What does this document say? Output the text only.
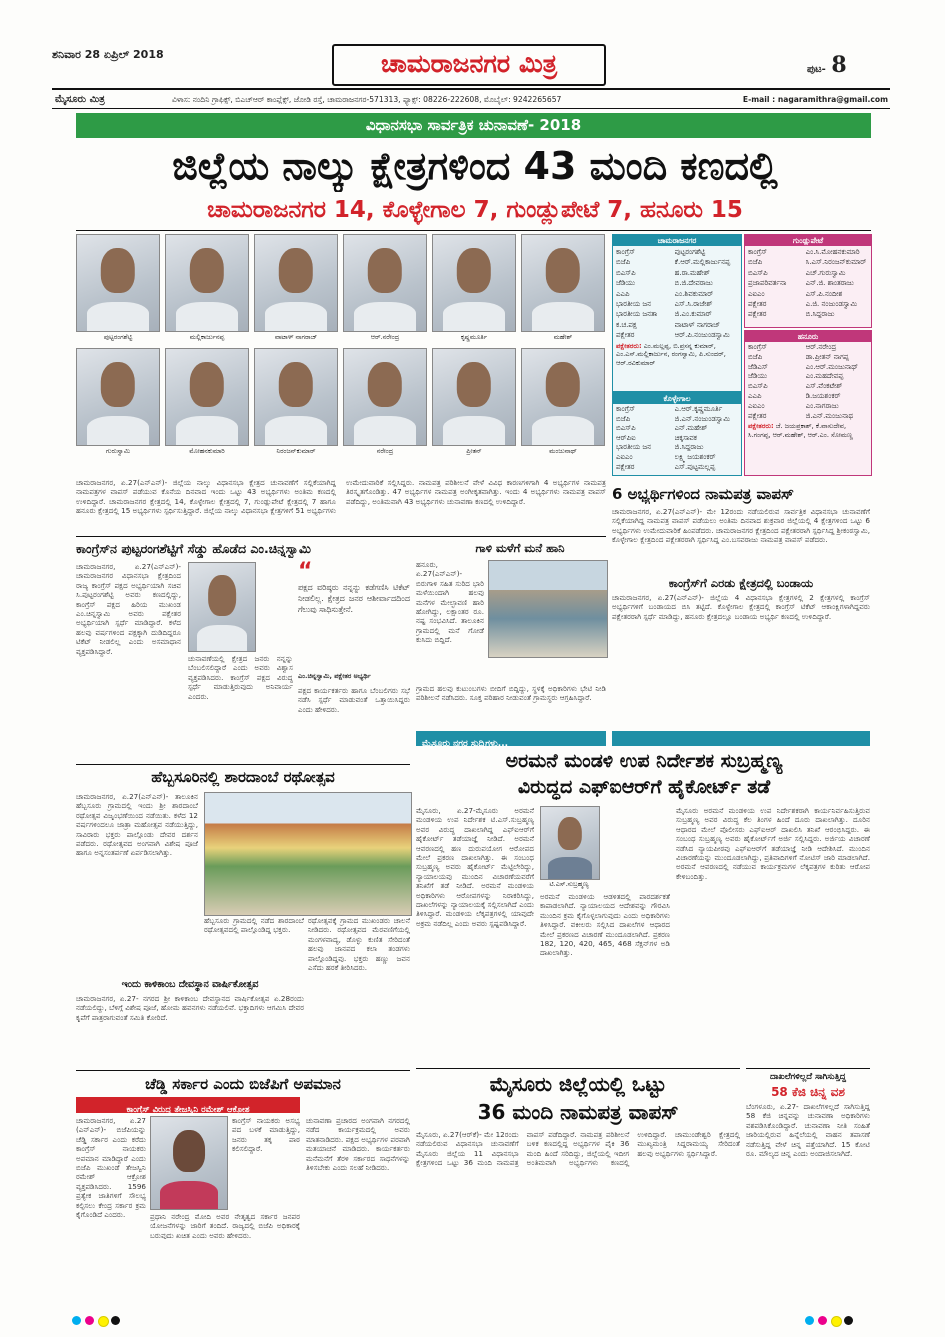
ಶನಿವಾರ 28 ಏಪ್ರಿಲ್ 2018	ಚಾಮರಾಜನಗರ ಮಿತ್ರ	ಪುಟ- 8
ಮೈಸೂರು ಮಿತ್ರ	ವಿಳಾಸ: ನಂದಿನಿ ಗ್ರಾಫಿಕ್ಸ್, ಬಿಎಚ್‌ಆರ್ ಕಾಂಪ್ಲೆಕ್ಸ್, ಜೋಡಿ ರಸ್ತೆ, ಚಾಮರಾಜನಗರ-571313, ಫ್ಯಾಕ್ಸ್: 08226-222608, ಮೊಬೈಲ್: 9242265657	E-mail : nagaramithra@gmail.com
ವಿಧಾನಸಭಾ ಸಾರ್ವತ್ರಿಕ ಚುನಾವಣೆ- 2018
ಜಿಲ್ಲೆಯ ನಾಲ್ಕು ಕ್ಷೇತ್ರಗಳಿಂದ 43 ಮಂದಿ ಕಣದಲ್ಲಿ
ಚಾಮರಾಜನಗರ 14, ಕೊಳ್ಳೇಗಾಲ 7, ಗುಂಡ್ಲುಪೇಟೆ 7, ಹನೂರು 15
ಪುಟ್ಟರಂಗಶೆಟ್ಟಿ	ಮಲ್ಲಿಕಾರ್ಜುನಪ್ಪ	ವಾಟಾಳ್ ನಾಗರಾಜ್	ಆರ್.ನರೇಂದ್ರ	ಕೃಷ್ಣಮೂರ್ತಿ	ಮಹೇಶ್
ಗುರುಸ್ವಾಮಿ	ಮೋಹನಕುಮಾರಿ	ನಿರಂಜನ್‌ಕುಮಾರ್	ನರೇಂದ್ರ	ಪ್ರೀತನ್	ಮಂಜುನಾಥ್
ಚಾಮರಾಜನಗರ
ಕಾಂಗ್ರೆಸ್	ಪುಟ್ಟರಂಗಶೆಟ್ಟಿ
ಬಿಜೆಪಿ	ಕೆ.ಆರ್.ಮಲ್ಲಿಕಾರ್ಜುನಪ್ಪ
ಬಿಎಸ್‌ಪಿ	ಹ.ರಾ.ಮಹೇಶ್
ಜೆಡಿಯು	ಬಿ.ಜಿ.ದೇವರಾಜು
ಎಎಪಿ	ಎಂ.ಶಿವಕುಮಾರ್
ಭಾರತೀಯ ಜನ	ಎಸ್.ಸಿ.ರಾಜೇಶ್
ಭಾರತೀಯ ಜನತಾ	ಜಿ.ಎಂ.ಕುಮಾರ್
ಕ.ಚ.ಪಕ್ಷ	ವಾಟಾಳ್ ನಾಗರಾಜ್
ಪಕ್ಷೇತರ	ಆರ್.ಪಿ.ನಂಜುಂಡಸ್ವಾಮಿ
ಪಕ್ಷೇತರರು: ಎಂ.ಮಲ್ಲಪ್ಪ, ಬಿ.ಪ್ರಸನ್ನ ಕುಮಾರ್, ಎಂ.ಎಸ್.ಮಲ್ಲಿಕಾರ್ಜುನ, ರಂಗಸ್ವಾಮಿ, ಪಿ.ಸುಂದರ್, ಆರ್.ರವಿಕುಮಾರ್
ಕೊಳ್ಳೇಗಾಲ
ಕಾಂಗ್ರೆಸ್	ಎ.ಆರ್.ಕೃಷ್ಣಮೂರ್ತಿ
ಬಿಜೆಪಿ	ಜಿ.ಎನ್.ನಂಜುಂಡಸ್ವಾಮಿ
ಬಿಎಸ್‌ಪಿ	ಎನ್.ಮಹೇಶ್
ಆರ್‌ಪಿಐ	ಚಿಕ್ಕಸಾವಕ
ಭಾರತೀಯ ಜನ	ಜಿ.ಸಿದ್ದರಾಜು
ಎಐಎಂ	ಲಕ್ಷ್ಮಿ ಜಯಶಂಕರ್
ಪಕ್ಷೇತರ	ಎಸ್.ಪುಟ್ಟಮಲ್ಲಪ್ಪ
ಗುಂಡ್ಲುಪೇಟೆ
ಕಾಂಗ್ರೆಸ್	ಎಂ.ಸಿ.ಮೋಹನಕುಮಾರಿ
ಬಿಜೆಪಿ	ಸಿ.ಎಸ್.ನಿರಂಜನ್‌ಕುಮಾರ್
ಬಿಎಸ್‌ಪಿ	ಎಚ್.ಗುರುಸ್ವಾಮಿ
ಪ್ರಜಾಪರಿವರ್ತನಾ	ಎನ್.ಜಿ. ಶಾಂತರಾಜು
ಎಐಎಂ	ಎಸ್.ಪಿ.ನಂದೀಶ
ಪಕ್ಷೇತರ	ಎ.ಜಿ. ನಂಜುಂಡಸ್ವಾಮಿ
ಪಕ್ಷೇತರ	ಬಿ.ಸಿದ್ದರಾಜು
ಹನೂರು
ಕಾಂಗ್ರೆಸ್	ಆರ್.ನರೇಂದ್ರ
ಬಿಜೆಪಿ	ಡಾ.ಪ್ರೀತನ್ ನಾಗಪ್ಪ
ಜೆಡಿಎಸ್	ಎಂ.ಆರ್.ಮಂಜುನಾಥ್
ಜೆಡಿಯು	ಎಂ.ಮಹದೇವಪ್ಪ
ಬಿಎಸ್‌ಪಿ	ಎಸ್.ವೆಂಕಟೇಶ್
ಎಎಪಿ	ಡಿ.ಜಯಶಂಕರ್
ಎಐಎಂ	ಎಂ.ನಾಗರಾಜು
ಪಕ್ಷೇತರ	ಜಿ.ಎನ್.ಮಂಜುನಾಥ
ಪಕ್ಷೇತರರು: ಜೆ. ಜಯಪ್ರಕಾಶ್, ಕೆ.ವಾಸುದೇವ, ಸಿ.ಗಂಗಪ್ಪ, ಆರ್.ಮಹೇಶ್, ಆರ್.ಎಂ. ಸೋಮಣ್ಣ
ಚಾಮರಾಜನಗರ, ಏ.27(ಎನ್‌ಎನ್)- ಜಿಲ್ಲೆಯ ನಾಲ್ಕು ವಿಧಾನಸಭಾ ಕ್ಷೇತ್ರದ ಚುನಾವಣೆಗೆ ಸಲ್ಲಿಕೆಯಾಗಿದ್ದ ನಾಮಪತ್ರಗಳ ವಾಪಸ್ ಪಡೆಯುವ ಕೊನೆಯ ದಿನವಾದ ಇಂದು ಒಟ್ಟು 43 ಅಭ್ಯರ್ಥಿಗಳು ಅಂತಿಮ ಕಣದಲ್ಲಿ ಉಳಿದಿದ್ದಾರೆ. ಚಾಮರಾಜನಗರ ಕ್ಷೇತ್ರದಲ್ಲಿ 14, ಕೊಳ್ಳೇಗಾಲ ಕ್ಷೇತ್ರದಲ್ಲಿ 7, ಗುಂಡ್ಲುಪೇಟೆ ಕ್ಷೇತ್ರದಲ್ಲಿ 7 ಹಾಗೂ ಹನೂರು ಕ್ಷೇತ್ರದಲ್ಲಿ 15 ಅಭ್ಯರ್ಥಿಗಳು ಸ್ಪರ್ಧಿಸುತ್ತಿದ್ದಾರೆ. ಜಿಲ್ಲೆಯ ನಾಲ್ಕು ವಿಧಾನಸಭಾ ಕ್ಷೇತ್ರಗಳಿಗೆ 51 ಅಭ್ಯರ್ಥಿಗಳು ಉಮೇದುವಾರಿಕೆ ಸಲ್ಲಿಸಿದ್ದರು. ನಾಮಪತ್ರ ಪರಿಶೀಲನೆ ವೇಳೆ ವಿವಿಧ ಕಾರಣಗಳಿಗಾಗಿ 4 ಅಭ್ಯರ್ಥಿಗಳ ನಾಮಪತ್ರ ತಿರಸ್ಕೃತಗೊಂಡಿತ್ತು. 47 ಅಭ್ಯರ್ಥಿಗಳ ನಾಮಪತ್ರ ಅಂಗೀಕೃತವಾಗಿತ್ತು. ಇಂದು 4 ಅಭ್ಯರ್ಥಿಗಳು ನಾಮಪತ್ರ ವಾಪಸ್ ಪಡೆದಿದ್ದು, ಅಂತಿಮವಾಗಿ 43 ಅಭ್ಯರ್ಥಿಗಳು ಚುನಾವಣಾ ಕಣದಲ್ಲಿ ಉಳಿದಿದ್ದಾರೆ.	6 ಅಭ್ಯರ್ಥಿಗಳಿಂದ ನಾಮಪತ್ರ ವಾಪಸ್
ಚಾಮರಾಜನಗರ, ಏ.27(ಎನ್‌ಎನ್)- ಮೇ 12ರಂದು ನಡೆಯಲಿರುವ ಸಾರ್ವತ್ರಿಕ ವಿಧಾನಸಭಾ ಚುನಾವಣೆಗೆ ಸಲ್ಲಿಕೆಯಾಗಿದ್ದ ನಾಮಪತ್ರ ವಾಪಸ್ ಪಡೆಯಲು ಅಂತಿಮ ದಿನವಾದ ಶುಕ್ರವಾರ ಜಿಲ್ಲೆಯಲ್ಲಿ 4 ಕ್ಷೇತ್ರಗಳಿಂದ ಒಟ್ಟು 6 ಅಭ್ಯರ್ಥಿಗಳು ಉಮೇದುವಾರಿಕೆ ಹಿಂಪಡೆದರು. ಚಾಮರಾಜನಗರ ಕ್ಷೇತ್ರದಿಂದ ಪಕ್ಷೇತರರಾಗಿ ಸ್ಪರ್ಧಿಸಿದ್ದ ಶ್ರೀಕಂಠಸ್ವಾಮಿ, ಕೊಳ್ಳೇಗಾಲ ಕ್ಷೇತ್ರದಿಂದ ಪಕ್ಷೇತರರಾಗಿ ಸ್ಪರ್ಧಿಸಿದ್ದ ಎಂ.ಬಸವರಾಜು ನಾಮಪತ್ರ ವಾಪಸ್ ಪಡೆದರು.
ಕಾಂಗ್ರೆಸ್‌ಗೆ ಎರಡು ಕ್ಷೇತ್ರದಲ್ಲಿ ಬಂಡಾಯ
ಚಾಮರಾಜನಗರ, ಏ.27(ಎನ್‌ಎನ್)- ಜಿಲ್ಲೆಯ 4 ವಿಧಾನಸಭಾ ಕ್ಷೇತ್ರಗಳಲ್ಲಿ 2 ಕ್ಷೇತ್ರಗಳಲ್ಲಿ ಕಾಂಗ್ರೆಸ್ ಅಭ್ಯರ್ಥಿಗಳಿಗೆ ಬಂಡಾಯದ ಬಿಸಿ ತಟ್ಟಿದೆ. ಕೊಳ್ಳೇಗಾಲ ಕ್ಷೇತ್ರದಲ್ಲಿ ಕಾಂಗ್ರೆಸ್ ಟಿಕೆಟ್ ಆಕಾಂಕ್ಷಿಗಳಾಗಿದ್ದವರು ಪಕ್ಷೇತರರಾಗಿ ಸ್ಪರ್ಧೆ ಮಾಡಿದ್ದು, ಹನೂರು ಕ್ಷೇತ್ರದಲ್ಲೂ ಬಂಡಾಯ ಅಭ್ಯರ್ಥಿ ಕಣದಲ್ಲಿ ಉಳಿದಿದ್ದಾರೆ.
ಕಾಂಗ್ರೆಸ್‌ನ ಪುಟ್ಟರಂಗಶೆಟ್ಟಿಗೆ ಸೆಡ್ಡು ಹೊಡೆದ ಎಂ.ಚಿನ್ನಸ್ವಾಮಿ
ಚಾಮರಾಜನಗರ, ಏ.27(ಎನ್‌ಎನ್)- ಚಾಮರಾಜನಗರ ವಿಧಾನಸಭಾ ಕ್ಷೇತ್ರದಿಂದ ರಾಜ್ಯ ಕಾಂಗ್ರೆಸ್ ಪಕ್ಷದ ಅಭ್ಯರ್ಥಿಯಾಗಿ ಸಚಿವ ಸಿ.ಪುಟ್ಟರಂಗಶೆಟ್ಟಿ ಅವರು ಕಣದಲ್ಲಿದ್ದು, ಕಾಂಗ್ರೆಸ್ ಪಕ್ಷದ ಹಿರಿಯ ಮುಖಂಡ ಎಂ.ಚಿನ್ನಸ್ವಾಮಿ ಅವರು ಪಕ್ಷೇತರ ಅಭ್ಯರ್ಥಿಯಾಗಿ ಸ್ಪರ್ಧೆ ಮಾಡಿದ್ದಾರೆ. ಕಳೆದ ಹಲವು ವರ್ಷಗಳಿಂದ ಪಕ್ಷಕ್ಕಾಗಿ ದುಡಿದಿದ್ದರೂ ಟಿಕೆಟ್ ನೀಡಲಿಲ್ಲ ಎಂದು ಅಸಮಾಧಾನ ವ್ಯಕ್ತಪಡಿಸಿದ್ದಾರೆ.
ಚುನಾವಣೆಯಲ್ಲಿ ಕ್ಷೇತ್ರದ ಜನರು ನನ್ನನ್ನು ಬೆಂಬಲಿಸಲಿದ್ದಾರೆ ಎಂದು ಅವರು ವಿಶ್ವಾಸ ವ್ಯಕ್ತಪಡಿಸಿದರು. ಕಾಂಗ್ರೆಸ್ ಪಕ್ಷದ ವಿರುದ್ಧ ಸ್ಪರ್ಧೆ ಮಾಡುತ್ತಿರುವುದು ಅನಿವಾರ್ಯ ಎಂದರು.
“
ಪಕ್ಷದ ವರಿಷ್ಠರು ನನ್ನನ್ನು ಕಡೆಗಣಿಸಿ ಟಿಕೆಟ್ ನೀಡಲಿಲ್ಲ. ಕ್ಷೇತ್ರದ ಜನರ ಆಶೀರ್ವಾದದಿಂದ ಗೆಲುವು ಸಾಧಿಸುತ್ತೇನೆ.
ಎಂ.ಚಿನ್ನಸ್ವಾಮಿ, ಪಕ್ಷೇತರ ಅಭ್ಯರ್ಥಿ
ಪಕ್ಷದ ಕಾರ್ಯಕರ್ತರು ಹಾಗೂ ಬೆಂಬಲಿಗರು ಸಭೆ ನಡೆಸಿ ಸ್ಪರ್ಧೆ ಮಾಡುವಂತೆ ಒತ್ತಾಯಿಸಿದ್ದರು ಎಂದು ಹೇಳಿದರು.
ಗಾಳಿ ಮಳೆಗೆ ಮನೆ ಹಾನಿ
ಹನೂರು, ಏ.27(ಎನ್‌ಎನ್)- ಬಿರುಗಾಳಿ ಸಹಿತ ಸುರಿದ ಭಾರಿ ಮಳೆಯಿಂದಾಗಿ ಹಲವು ಮನೆಗಳ ಮೇಲ್ಛಾವಣಿ ಹಾರಿ ಹೋಗಿದ್ದು, ಲಕ್ಷಾಂತರ ರೂ. ನಷ್ಟ ಸಂಭವಿಸಿದೆ. ತಾಲೂಕಿನ ಗ್ರಾಮದಲ್ಲಿ ಮನೆ ಗೋಡೆ ಕುಸಿದು ಬಿದ್ದಿದೆ.
ಗ್ರಾಮದ ಹಲವು ಕುಟುಂಬಗಳು ಬೀದಿಗೆ ಬಿದ್ದಿದ್ದು, ಸ್ಥಳಕ್ಕೆ ಅಧಿಕಾರಿಗಳು ಭೇಟಿ ನೀಡಿ ಪರಿಶೀಲನೆ ನಡೆಸಿದರು. ಸೂಕ್ತ ಪರಿಹಾರ ನೀಡುವಂತೆ ಗ್ರಾಮಸ್ಥರು ಆಗ್ರಹಿಸಿದ್ದಾರೆ.
ಮೈಸೂರು ನಗರ ಸುದ್ದಿಗಳು...
ಅರಮನೆ ಮಂಡಳಿ ಉಪ ನಿರ್ದೇಶಕ ಸುಬ್ರಹ್ಮಣ್ಯ
ವಿರುದ್ಧದ ಎಫ್‌ಐಆರ್‌ಗೆ ಹೈಕೋರ್ಟ್ ತಡೆ
ಮೈಸೂರು, ಏ.27-ಮೈಸೂರು ಅರಮನೆ ಮಂಡಳಿಯ ಉಪ ನಿರ್ದೇಶಕ ಟಿ.ಎಸ್.ಸುಬ್ರಹ್ಮಣ್ಯ ಅವರ ವಿರುದ್ಧ ದಾಖಲಾಗಿದ್ದ ಎಫ್‌ಐಆರ್‌ಗೆ ಹೈಕೋರ್ಟ್ ತಡೆಯಾಜ್ಞೆ ನೀಡಿದೆ. ಅರಮನೆ ಆವರಣದಲ್ಲಿ ಹಣ ದುರುಪಯೋಗ ಆರೋಪದ ಮೇಲೆ ಪ್ರಕರಣ ದಾಖಲಾಗಿತ್ತು. ಈ ಸಂಬಂಧ ಸುಬ್ರಹ್ಮಣ್ಯ ಅವರು ಹೈಕೋರ್ಟ್ ಮೆಟ್ಟಿಲೇರಿದ್ದು, ನ್ಯಾಯಾಲಯವು ಮುಂದಿನ ವಿಚಾರಣೆಯವರೆಗೆ ತನಿಖೆಗೆ ತಡೆ ನೀಡಿದೆ. ಅರಮನೆ ಮಂಡಳಿಯ ಅಧಿಕಾರಿಗಳು ಆರೋಪಗಳನ್ನು ನಿರಾಕರಿಸಿದ್ದು, ದಾಖಲೆಗಳನ್ನು ನ್ಯಾಯಾಲಯಕ್ಕೆ ಸಲ್ಲಿಸಲಾಗಿದೆ ಎಂದು ತಿಳಿಸಿದ್ದಾರೆ. ಮಂಡಳಿಯ ಲೆಕ್ಕಪತ್ರಗಳಲ್ಲಿ ಯಾವುದೇ ಅಕ್ರಮ ನಡೆದಿಲ್ಲ ಎಂದು ಅವರು ಸ್ಪಷ್ಟಪಡಿಸಿದ್ದಾರೆ.
ಟಿ.ಎಸ್.ಸುಬ್ರಹ್ಮಣ್ಯ
ಅರಮನೆ ಮಂಡಳಿಯ ಆಡಳಿತದಲ್ಲಿ ಪಾರದರ್ಶಕತೆ ಕಾಪಾಡಲಾಗಿದೆ. ನ್ಯಾಯಾಲಯದ ಆದೇಶವನ್ನು ಗೌರವಿಸಿ ಮುಂದಿನ ಕ್ರಮ ಕೈಗೊಳ್ಳಲಾಗುವುದು ಎಂದು ಅಧಿಕಾರಿಗಳು ತಿಳಿಸಿದ್ದಾರೆ. ವಕೀಲರು ಸಲ್ಲಿಸಿದ ದಾಖಲೆಗಳ ಆಧಾರದ ಮೇಲೆ ಪ್ರಕರಣದ ವಿಚಾರಣೆ ಮುಂದೂಡಲಾಗಿದೆ. ಪ್ರಕರಣ 182, 120, 420, 465, 468 ಸೆಕ್ಷನ್‌ಗಳ ಅಡಿ ದಾಖಲಾಗಿತ್ತು.
ಮೈಸೂರು ಅರಮನೆ ಮಂಡಳಿಯ ಉಪ ನಿರ್ದೇಶಕರಾಗಿ ಕಾರ್ಯನಿರ್ವಹಿಸುತ್ತಿರುವ ಸುಬ್ರಹ್ಮಣ್ಯ ಅವರ ವಿರುದ್ಧ ಕೆಲ ತಿಂಗಳ ಹಿಂದೆ ದೂರು ದಾಖಲಾಗಿತ್ತು. ದೂರಿನ ಆಧಾರದ ಮೇಲೆ ಪೊಲೀಸರು ಎಫ್‌ಐಆರ್ ದಾಖಲಿಸಿ ತನಿಖೆ ಆರಂಭಿಸಿದ್ದರು. ಈ ಸಂಬಂಧ ಸುಬ್ರಹ್ಮಣ್ಯ ಅವರು ಹೈಕೋರ್ಟ್‌ಗೆ ಅರ್ಜಿ ಸಲ್ಲಿಸಿದ್ದರು. ಅರ್ಜಿಯ ವಿಚಾರಣೆ ನಡೆಸಿದ ನ್ಯಾಯಪೀಠವು ಎಫ್‌ಐಆರ್‌ಗೆ ತಡೆಯಾಜ್ಞೆ ನೀಡಿ ಆದೇಶಿಸಿದೆ. ಮುಂದಿನ ವಿಚಾರಣೆಯನ್ನು ಮುಂದೂಡಲಾಗಿದ್ದು, ಪ್ರತಿವಾದಿಗಳಿಗೆ ನೋಟಿಸ್ ಜಾರಿ ಮಾಡಲಾಗಿದೆ. ಅರಮನೆ ಆವರಣದಲ್ಲಿ ನಡೆಯುವ ಕಾರ್ಯಕ್ರಮಗಳ ಲೆಕ್ಕಪತ್ರಗಳ ಕುರಿತು ಆರೋಪ ಕೇಳಿಬಂದಿತ್ತು.
ಹೆಬ್ಬಸೂರಿನಲ್ಲಿ ಶಾರದಾಂಬೆ ರಥೋತ್ಸವ
ಚಾಮರಾಜನಗರ, ಏ.27(ಎನ್‌ಎನ್)- ತಾಲೂಕಿನ ಹೆಬ್ಬಸೂರು ಗ್ರಾಮದಲ್ಲಿ ಇಂದು ಶ್ರೀ ಶಾರದಾಂಬೆ ರಥೋತ್ಸವ ವಿಜೃಂಭಣೆಯಿಂದ ನಡೆಯಿತು. ಕಳೆದ 12 ವರ್ಷಗಳಿಂದಲೂ ಜಾತ್ರಾ ಮಹೋತ್ಸವ ನಡೆಯುತ್ತಿದ್ದು, ಸಾವಿರಾರು ಭಕ್ತರು ಪಾಲ್ಗೊಂಡು ದೇವರ ದರ್ಶನ ಪಡೆದರು. ರಥೋತ್ಸವದ ಅಂಗವಾಗಿ ವಿಶೇಷ ಪೂಜೆ ಹಾಗೂ ಅನ್ನಸಂತರ್ಪಣೆ ಏರ್ಪಡಿಸಲಾಗಿತ್ತು.
ಹೆಬ್ಬಸೂರು ಗ್ರಾಮದಲ್ಲಿ ನಡೆದ ಶಾರದಾಂಬೆ ರಥೋತ್ಸವದಲ್ಲಿ ಪಾಲ್ಗೊಂಡಿದ್ದ ಭಕ್ತರು.
ರಥೋತ್ಸವಕ್ಕೆ ಗ್ರಾಮದ ಮುಖಂಡರು ಚಾಲನೆ ನೀಡಿದರು. ರಥೋತ್ಸವದ ಮೆರವಣಿಗೆಯಲ್ಲಿ ಮಂಗಳವಾದ್ಯ, ಡೊಳ್ಳು ಕುಣಿತ ಸೇರಿದಂತೆ ಹಲವು ಜಾನಪದ ಕಲಾ ತಂಡಗಳು ಪಾಲ್ಗೊಂಡಿದ್ದವು. ಭಕ್ತರು ಹಣ್ಣು ಜವನ ಎಸೆದು ಹರಕೆ ತೀರಿಸಿದರು.
ಇಂದು ಕಾಳಿಕಾಂಬ ದೇವಸ್ಥಾನ ವಾರ್ಷಿಕೋತ್ಸವ
ಚಾಮರಾಜನಗರ, ಏ.27- ನಗರದ ಶ್ರೀ ಕಾಳಿಕಾಂಬ ದೇವಸ್ಥಾನದ ವಾರ್ಷಿಕೋತ್ಸವ ಏ.28ರಂದು ನಡೆಯಲಿದ್ದು, ಬೆಳಿಗ್ಗೆ ವಿಶೇಷ ಪೂಜೆ, ಹೋಮ ಹವನಗಳು ನಡೆಯಲಿವೆ. ಭಕ್ತಾದಿಗಳು ಆಗಮಿಸಿ ದೇವರ ಕೃಪೆಗೆ ಪಾತ್ರರಾಗುವಂತೆ ಸಮಿತಿ ಕೋರಿದೆ.
ಚೆಡ್ಡಿ ಸರ್ಕಾರ ಎಂದು ಬಿಜೆಪಿಗೆ ಅಪಮಾನ
ಕಾಂಗ್ರೆಸ್ ವಿರುದ್ಧ ತೇಜಸ್ವಿನಿ ರಮೇಶ್ ಆಕ್ರೋಶ
ಚಾಮರಾಜನಗರ, ಏ.27 (ಎನ್‌ಎನ್)- ಬಿಜೆಪಿಯನ್ನು ಚೆಡ್ಡಿ ಸರ್ಕಾರ ಎಂದು ಕರೆದು ಕಾಂಗ್ರೆಸ್ ನಾಯಕರು ಅಪಮಾನ ಮಾಡಿದ್ದಾರೆ ಎಂದು ಬಿಜೆಪಿ ಮುಖಂಡೆ ತೇಜಸ್ವಿನಿ ರಮೇಶ್ ಆಕ್ರೋಶ ವ್ಯಕ್ತಪಡಿಸಿದರು. 1596 ಪ್ರತ್ಯೇಕ ಜಾತಿಗಳಿಗೆ ಸೌಲಭ್ಯ ಕಲ್ಪಿಸಲು ಕೇಂದ್ರ ಸರ್ಕಾರ ಕ್ರಮ ಕೈಗೊಂಡಿದೆ ಎಂದರು.	ಪ್ರಧಾನಿ ನರೇಂದ್ರ ಮೋದಿ ಅವರ ನೇತೃತ್ವದ ಸರ್ಕಾರ ಜನಪರ ಯೋಜನೆಗಳನ್ನು ಜಾರಿಗೆ ತಂದಿದೆ. ರಾಜ್ಯದಲ್ಲಿ ಬಿಜೆಪಿ ಅಧಿಕಾರಕ್ಕೆ ಬರುವುದು ಖಚಿತ ಎಂದು ಅವರು ಹೇಳಿದರು.
ಕಾಂಗ್ರೆಸ್ ನಾಯಕರು ಅಸಭ್ಯ ಪದ ಬಳಕೆ ಮಾಡುತ್ತಿದ್ದು, ಜನರು ತಕ್ಕ ಪಾಠ ಕಲಿಸಲಿದ್ದಾರೆ.
ಚುನಾವಣಾ ಪ್ರಚಾರದ ಅಂಗವಾಗಿ ನಗರದಲ್ಲಿ ನಡೆದ ಕಾರ್ಯಕ್ರಮದಲ್ಲಿ ಅವರು ಮಾತನಾಡಿದರು. ಪಕ್ಷದ ಅಭ್ಯರ್ಥಿಗಳ ಪರವಾಗಿ ಮತಯಾಚನೆ ಮಾಡಿದರು. ಕಾರ್ಯಕರ್ತರು ಮನೆಮನೆಗೆ ತೆರಳಿ ಸರ್ಕಾರದ ಸಾಧನೆಗಳನ್ನು ತಿಳಿಸಬೇಕು ಎಂದು ಸಲಹೆ ನೀಡಿದರು.
ಮೈಸೂರು ಜಿಲ್ಲೆಯಲ್ಲಿ ಒಟ್ಟು
36 ಮಂದಿ ನಾಮಪತ್ರ ವಾಪಸ್
ಮೈಸೂರು, ಏ.27(ಆರ್‌ಕೆ)- ಮೇ 12ರಂದು ನಡೆಯಲಿರುವ ವಿಧಾನಸಭಾ ಚುನಾವಣೆಗೆ ಮೈಸೂರು ಜಿಲ್ಲೆಯ 11 ವಿಧಾನಸಭಾ ಕ್ಷೇತ್ರಗಳಿಂದ ಒಟ್ಟು 36 ಮಂದಿ ನಾಮಪತ್ರ ವಾಪಸ್ ಪಡೆದಿದ್ದಾರೆ. ನಾಮಪತ್ರ ಪರಿಶೀಲನೆ ಬಳಿಕ ಕಣದಲ್ಲಿದ್ದ ಅಭ್ಯರ್ಥಿಗಳ ಪೈಕಿ 36 ಮಂದಿ ಹಿಂದೆ ಸರಿದಿದ್ದು, ಜಿಲ್ಲೆಯಲ್ಲಿ ಇದೀಗ ಅಂತಿಮವಾಗಿ ಅಭ್ಯರ್ಥಿಗಳು ಕಣದಲ್ಲಿ ಉಳಿದಿದ್ದಾರೆ. ಚಾಮುಂಡೇಶ್ವರಿ ಕ್ಷೇತ್ರದಲ್ಲಿ ಮುಖ್ಯಮಂತ್ರಿ ಸಿದ್ದರಾಮಯ್ಯ ಸೇರಿದಂತೆ ಹಲವು ಅಭ್ಯರ್ಥಿಗಳು ಸ್ಪರ್ಧಿಸಿದ್ದಾರೆ.
ದಾಖಲೆಗಳಿಲ್ಲದೆ ಸಾಗಿಸುತ್ತಿದ್ದ
58 ಕೆಜಿ ಚಿನ್ನ ವಶ
ಬೆಂಗಳೂರು, ಏ.27- ದಾಖಲೆಗಳಿಲ್ಲದೆ ಸಾಗಿಸುತ್ತಿದ್ದ 58 ಕೆಜಿ ಚಿನ್ನವನ್ನು ಚುನಾವಣಾ ಅಧಿಕಾರಿಗಳು ವಶಪಡಿಸಿಕೊಂಡಿದ್ದಾರೆ. ಚುನಾವಣಾ ನೀತಿ ಸಂಹಿತೆ ಜಾರಿಯಲ್ಲಿರುವ ಹಿನ್ನೆಲೆಯಲ್ಲಿ ವಾಹನ ತಪಾಸಣೆ ನಡೆಸುತ್ತಿದ್ದ ವೇಳೆ ಚಿನ್ನ ಪತ್ತೆಯಾಗಿದೆ. 15 ಕೋಟಿ ರೂ. ಮೌಲ್ಯದ ಚಿನ್ನ ಎಂದು ಅಂದಾಜಿಸಲಾಗಿದೆ.
